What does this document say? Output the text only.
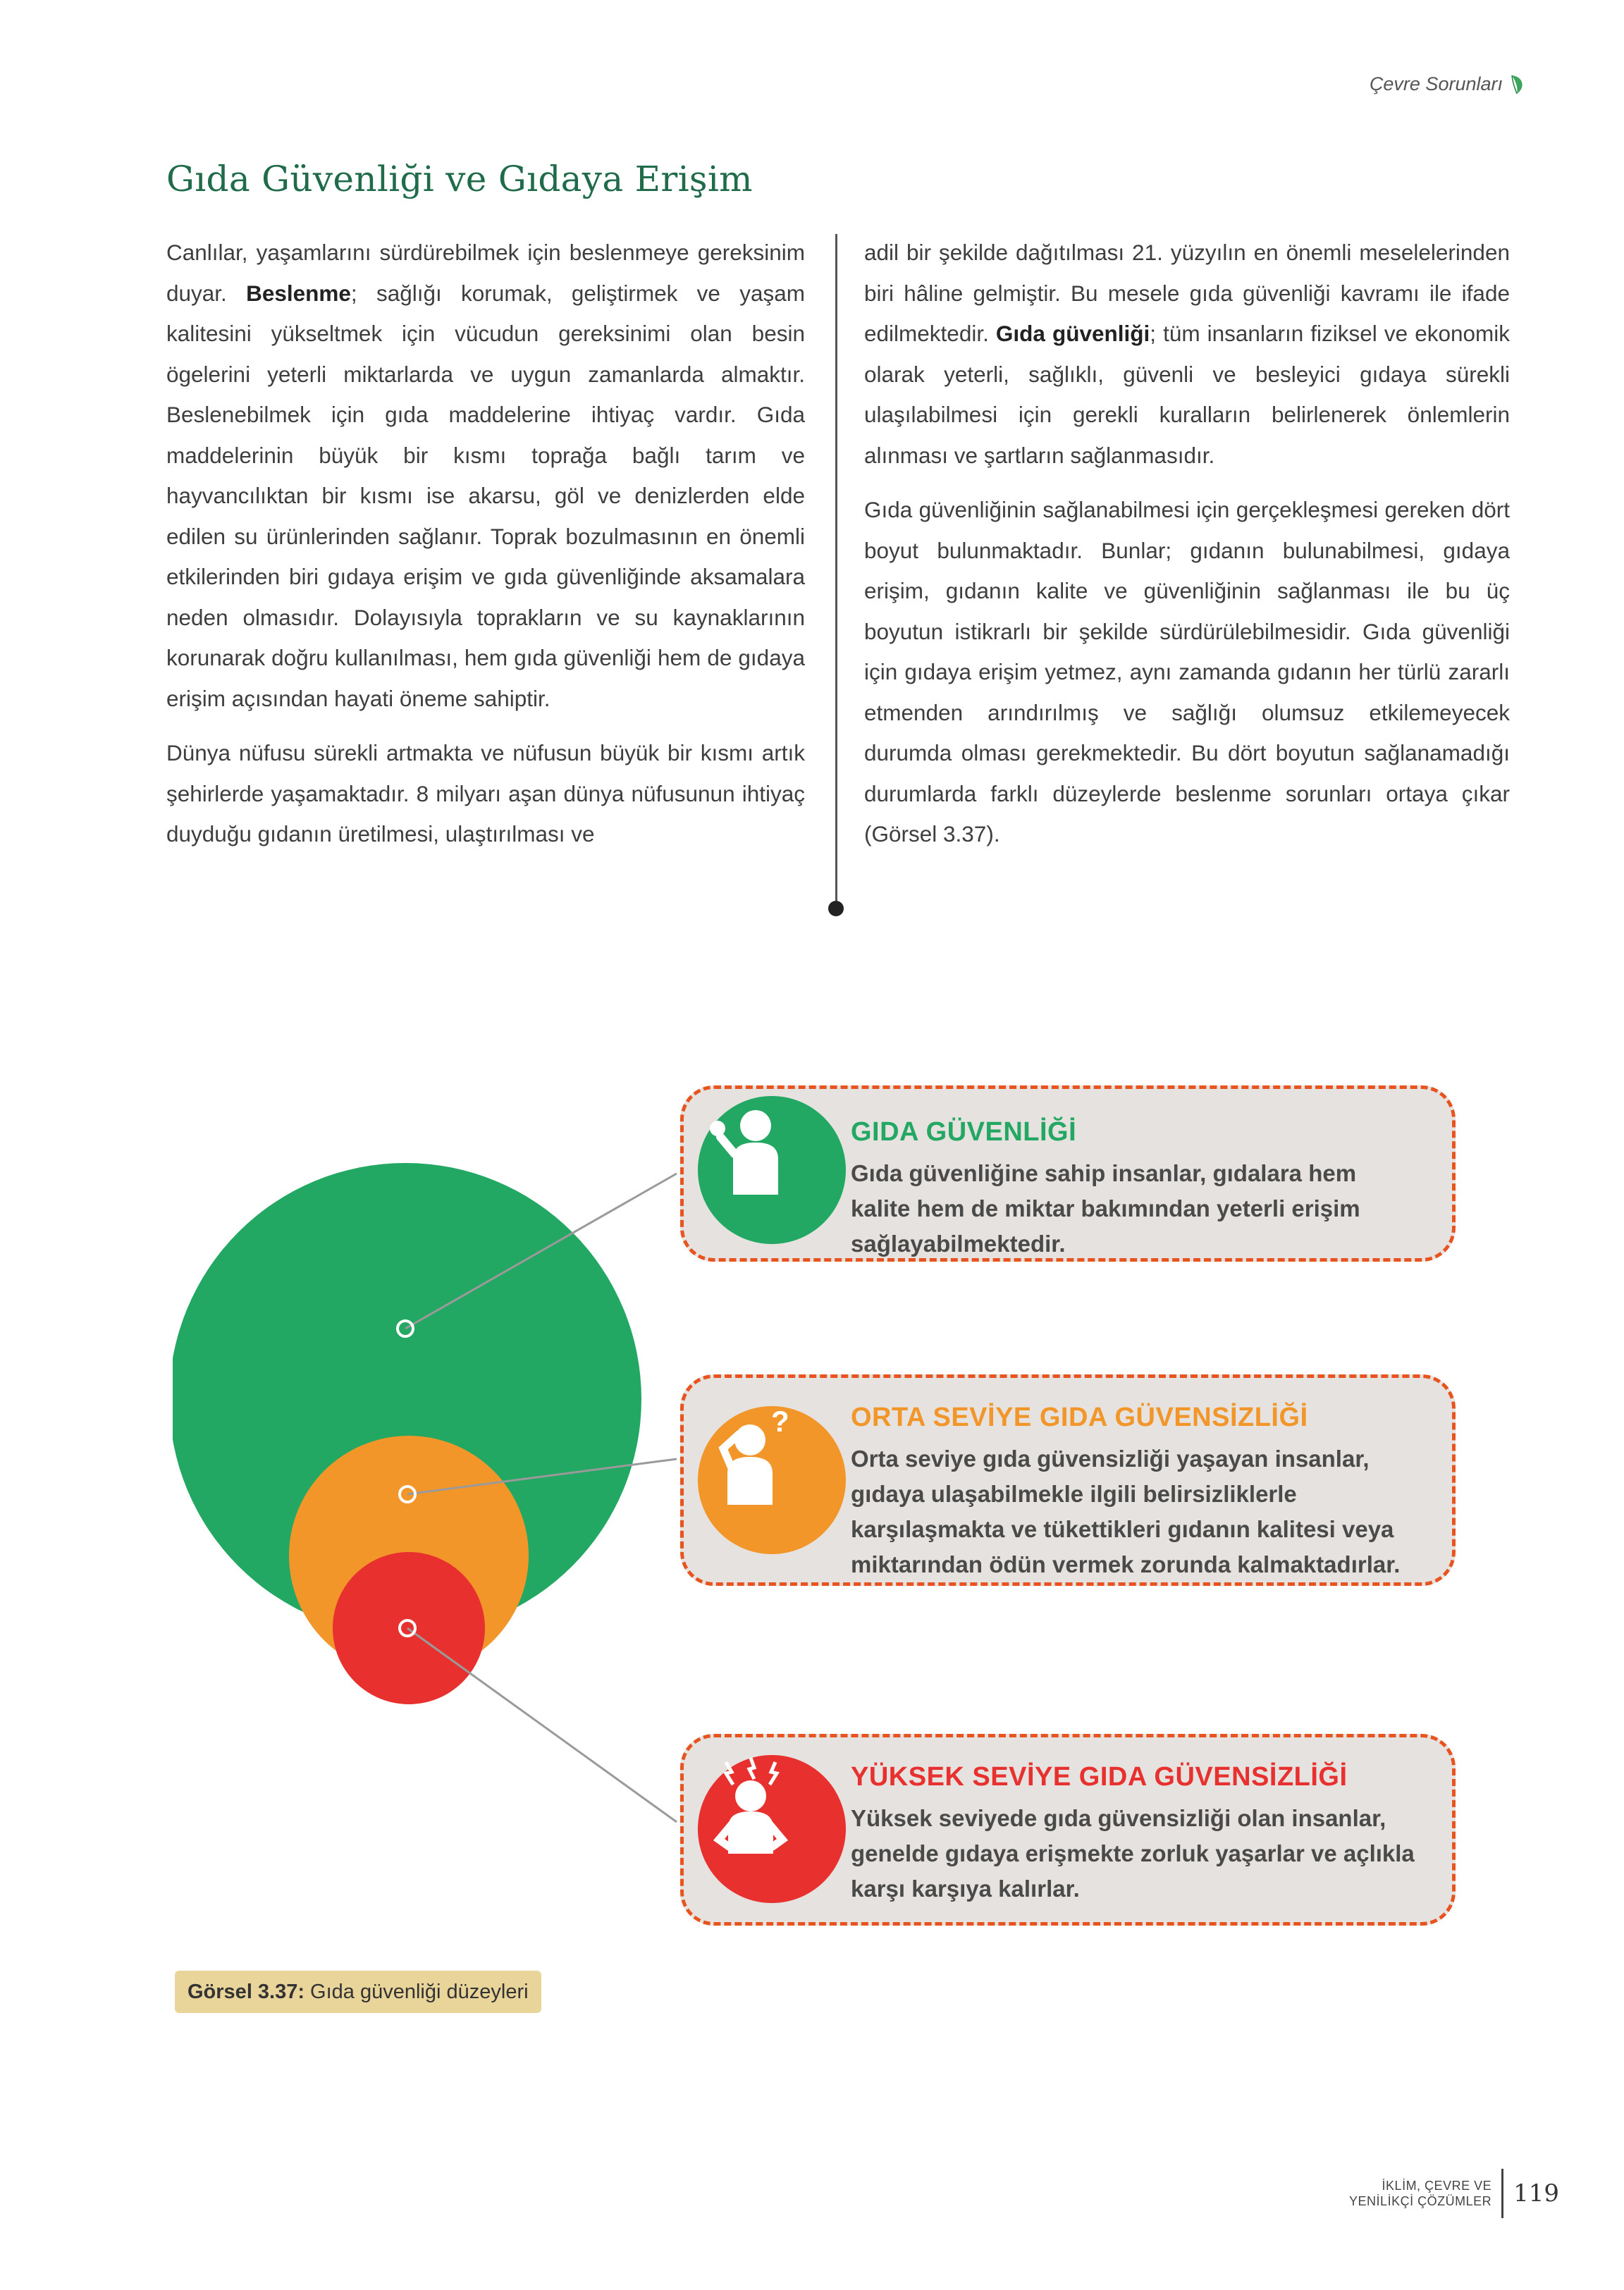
Çevre Sorunları
Gıda Güvenliği ve Gıdaya Erişim

Canlılar, yaşamlarını sürdürebilmek için beslenmeye gereksinim duyar. Beslenme; sağlığı korumak, geliştirmek ve yaşam kalitesini yükseltmek için vücudun gereksinimi olan besin ögelerini yeterli miktarlarda ve uygun zamanlarda almaktır. Beslenebilmek için gıda maddelerine ihtiyaç vardır. Gıda maddelerinin büyük bir kısmı toprağa bağlı tarım ve hayvancılıktan bir kısmı ise akarsu, göl ve denizlerden elde edilen su ürünlerinden sağlanır. Toprak bozulmasının en önemli etkilerinden biri gıdaya erişim ve gıda güvenliğinde aksamalara neden olmasıdır. Dolayısıyla toprakların ve su kaynaklarının korunarak doğru kullanılması, hem gıda güvenliği hem de gıdaya erişim açısından hayati öneme sahiptir.

Dünya nüfusu sürekli artmakta ve nüfusun büyük bir kısmı artık şehirlerde yaşamaktadır. 8 milyarı aşan dünya nüfusunun ihtiyaç duyduğu gıdanın üretilmesi, ulaştırılması ve

adil bir şekilde dağıtılması 21. yüzyılın en önemli meselelerinden biri hâline gelmiştir. Bu mesele gıda güvenliği kavramı ile ifade edilmektedir. Gıda güvenliği; tüm insanların fiziksel ve ekonomik olarak yeterli, sağlıklı, güvenli ve besleyici gıdaya sürekli ulaşılabilmesi için gerekli kuralların belirlenerek önlemlerin alınması ve şartların sağlanmasıdır.

Gıda güvenliğinin sağlanabilmesi için gerçekleşmesi gereken dört boyut bulunmaktadır. Bunlar; gıdanın bulunabilmesi, gıdaya erişim, gıdanın kalite ve güvenliğinin sağlanması ile bu üç boyutun istikrarlı bir şekilde sürdürülebilmesidir. Gıda güvenliği için gıdaya erişim yetmez, aynı zamanda gıdanın her türlü zararlı etmenden arındırılmış ve sağlığı olumsuz etkilemeyecek durumda olması gerekmektedir. Bu dört boyutun sağlanamadığı durumlarda farklı düzeylerde beslenme sorunları ortaya çıkar (Görsel 3.37).

GIDA GÜVENLİĞİ
Gıda güvenliğine sahip insanlar, gıdalara hem kalite hem de miktar bakımından yeterli erişim sağlayabilmektedir.
? ORTA SEVİYE GIDA GÜVENSİZLİĞİ
Orta seviye gıda güvensizliği yaşayan insanlar, gıdaya ulaşabilmekle ilgili belirsizliklerle karşılaşmakta ve tükettikleri gıdanın kalitesi veya miktarından ödün vermek zorunda kalmaktadırlar.
YÜKSEK SEVİYE GIDA GÜVENSİZLİĞİ
Yüksek seviyede gıda güvensizliği olan insanlar, genelde gıdaya erişmekte zorluk yaşarlar ve açlıkla karşı karşıya kalırlar.
Görsel 3.37: Gıda güvenliği düzeyleri
İKLİM, ÇEVRE VE
YENİLİKÇİ ÇÖZÜMLER 119
